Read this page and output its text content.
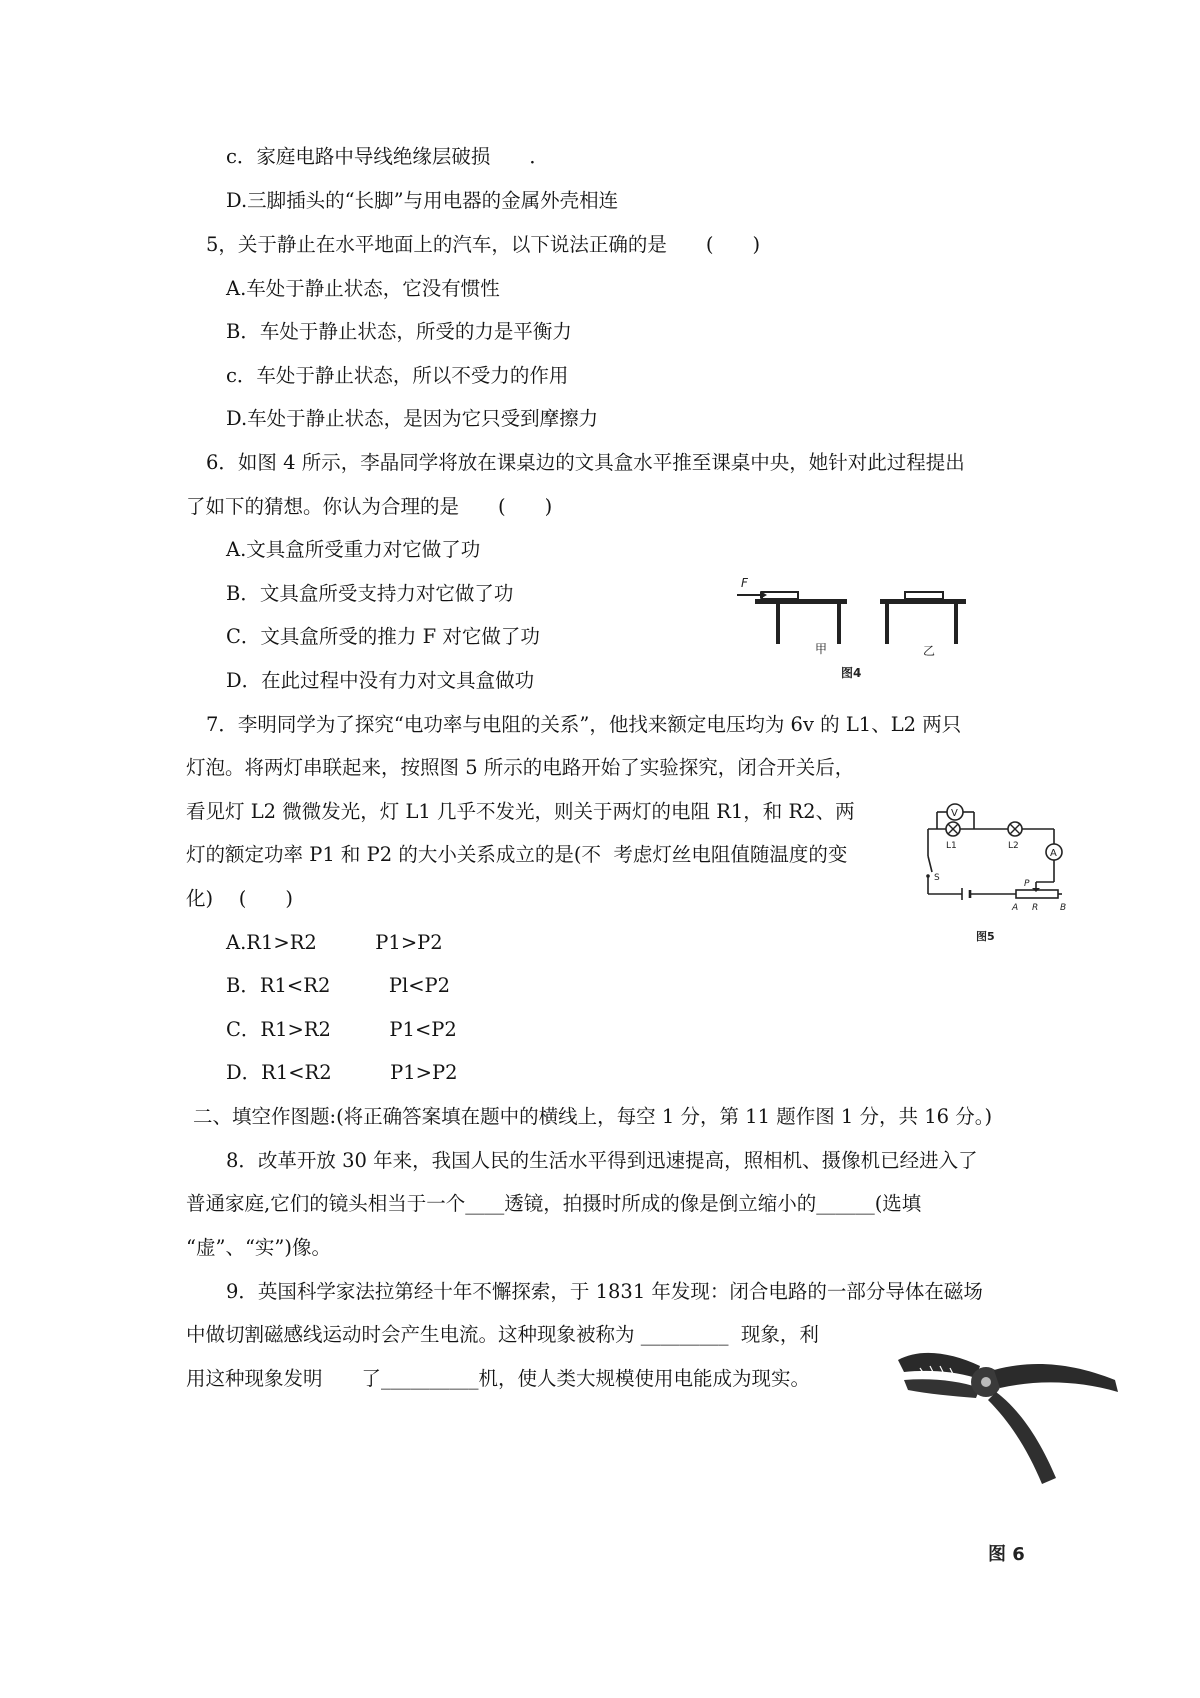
c．家庭电路中导线绝缘层破损　　．
D.三脚插头的“长脚”与用电器的金属外壳相连
5，关于静止在水平地面上的汽车，以下说法正确的是　　(　　)
A.车处于静止状态，它没有惯性
B．车处于静止状态，所受的力是平衡力
c．车处于静止状态，所以不受力的作用
D.车处于静止状态，是因为它只受到摩擦力
6．如图 4 所示，李晶同学将放在课桌边的文具盒水平推至课桌中央，她针对此过程提出
了如下的猜想。你认为合理的是　　(　　)
A.文具盒所受重力对它做了功
B．文具盒所受支持力对它做了功
C．文具盒所受的推力 F 对它做了功
D．在此过程中没有力对文具盒做功
7．李明同学为了探究“电功率与电阻的关系”，他找来额定电压均为 6v 的 L1、L2 两只
灯泡。将两灯串联起来，按照图 5 所示的电路开始了实验探究，闭合开关后，
看见灯 L2 微微发光，灯 L1 几乎不发光，则关于两灯的电阻 R1，和 R2、两
灯的额定功率 P1 和 P2 的大小关系成立的是(不  考虑灯丝电阻值随温度的变
化)　 (　　)
A.R1>R2　　　P1>P2
B．R1<R2　　　Pl<P2
C．R1>R2　　　P1<P2
D．R1<R2　　　P1>P2
二、填空作图题:(将正确答案填在题中的横线上，每空 1 分，第 11 题作图 1 分，共 16 分。)
8．改革开放 30 年来，我国人民的生活水平得到迅速提高，照相机、摄像机已经进入了
普通家庭,它们的镜头相当于一个____透镜，拍摄时所成的像是倒立缩小的______(选填
“虚”、“实”)像。
9．英国科学家法拉第经十年不懈探索，于 1831 年发现：闭合电路的一部分导体在磁场
中做切割磁感线运动时会产生电流。这种现象被称为 _________  现象，利
用这种现象发明　　了__________机，使人类大规模使用电能成为现实。
F
甲	乙
图4
V
L1	L2
A
S
P
A R B
图5
图 6
